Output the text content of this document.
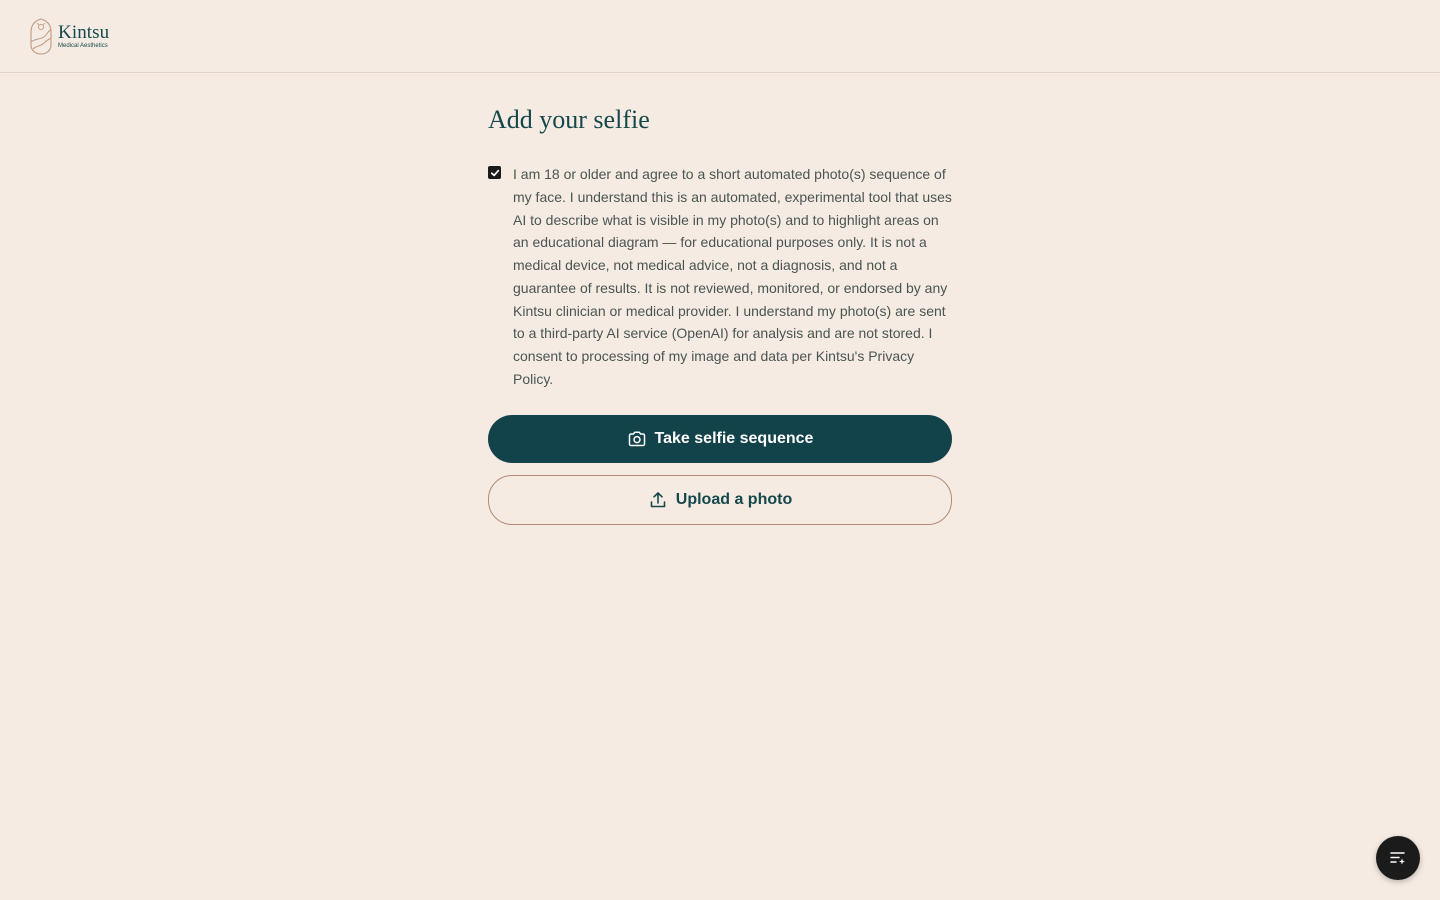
Kintsu
Medical Aesthetics
Add your selfie

I am 18 or older and agree to a short automated photo(s) sequence of my face. I understand this is an automated, experimental tool that uses AI to describe what is visible in my photo(s) and to highlight areas on an educational diagram — for educational purposes only. It is not a medical device, not medical advice, not a diagnosis, and not a guarantee of results. It is not reviewed, monitored, or endorsed by any Kintsu clinician or medical provider. I understand my photo(s) are sent to a third-party AI service (OpenAI) for analysis and are not stored. I consent to processing of my image and data per Kintsu's Privacy Policy.

Take selfie sequence
Upload a photo
